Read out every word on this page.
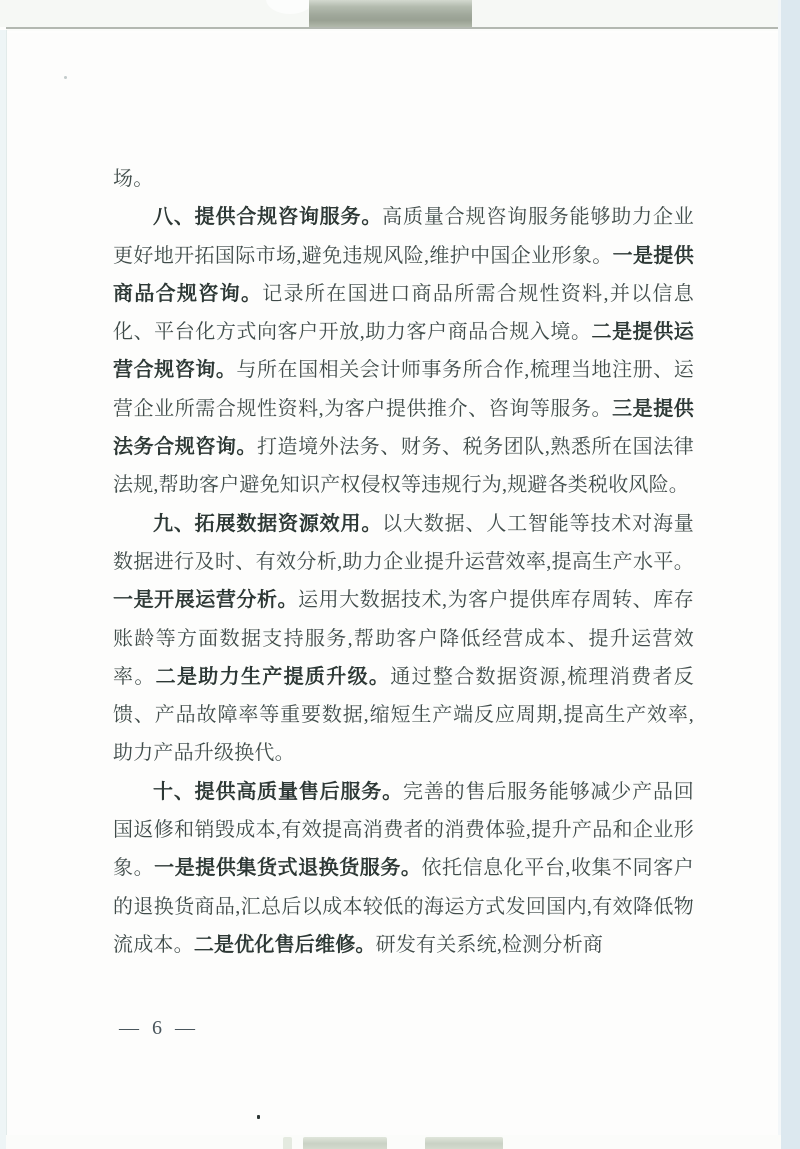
场。

八、提供合规咨询服务。高质量合规咨询服务能够助力企业更好地开拓国际市场,避免违规风险,维护中国企业形象。一是提供商品合规咨询。记录所在国进口商品所需合规性资料,并以信息化、平台化方式向客户开放,助力客户商品合规入境。二是提供运营合规咨询。与所在国相关会计师事务所合作,梳理当地注册、运营企业所需合规性资料,为客户提供推介、咨询等服务。三是提供法务合规咨询。打造境外法务、财务、税务团队,熟悉所在国法律法规,帮助客户避免知识产权侵权等违规行为,规避各类税收风险。

九、拓展数据资源效用。以大数据、人工智能等技术对海量数据进行及时、有效分析,助力企业提升运营效率,提高生产水平。一是开展运营分析。运用大数据技术,为客户提供库存周转、库存账龄等方面数据支持服务,帮助客户降低经营成本、提升运营效率。二是助力生产提质升级。通过整合数据资源,梳理消费者反馈、产品故障率等重要数据,缩短生产端反应周期,提高生产效率,助力产品升级换代。

十、提供高质量售后服务。完善的售后服务能够减少产品回国返修和销毁成本,有效提高消费者的消费体验,提升产品和企业形象。一是提供集货式退换货服务。依托信息化平台,收集不同客户的退换货商品,汇总后以成本较低的海运方式发回国内,有效降低物流成本。二是优化售后维修。研发有关系统,检测分析商

— 6 —
